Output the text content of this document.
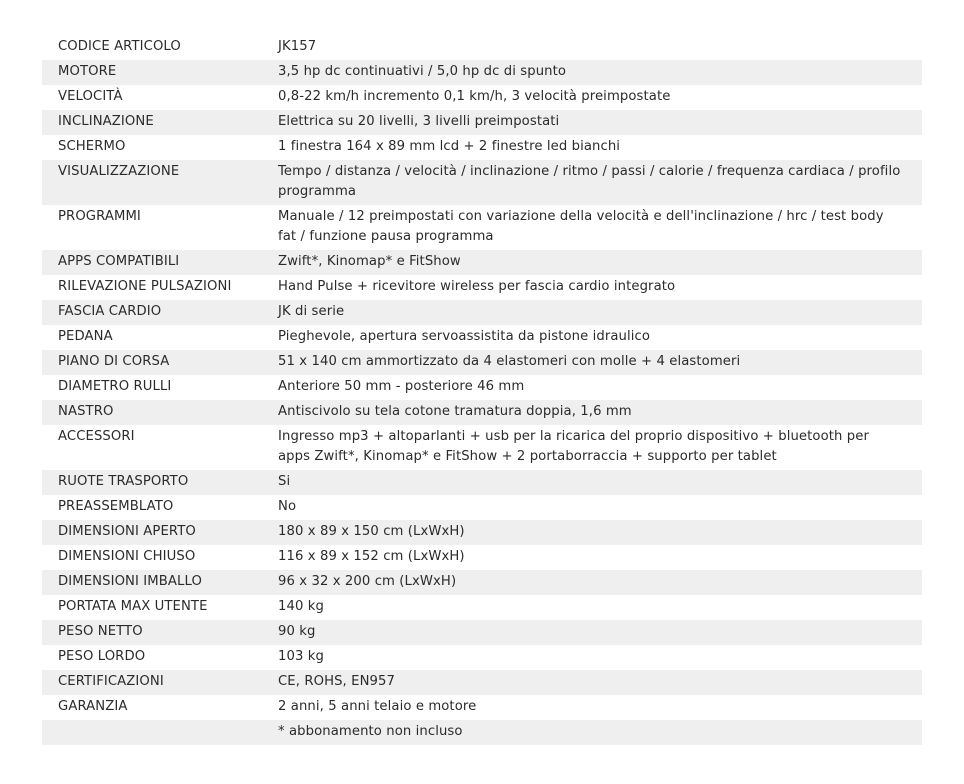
CODICE ARTICOLO	JK157
MOTORE	3,5 hp dc continuativi / 5,0 hp dc di spunto
VELOCITÀ	0,8-22 km/h incremento 0,1 km/h, 3 velocità preimpostate
INCLINAZIONE	Elettrica su 20 livelli, 3 livelli preimpostati
SCHERMO	1 finestra 164 x 89 mm lcd + 2 finestre led bianchi
VISUALIZZAZIONE	Tempo / distanza / velocità / inclinazione / ritmo / passi / calorie / frequenza cardiaca / profilo programma
PROGRAMMI	Manuale / 12 preimpostati con variazione della velocità e dell'inclinazione / hrc / test body fat / funzione pausa programma
APPS COMPATIBILI	Zwift*, Kinomap* e FitShow
RILEVAZIONE PULSAZIONI	Hand Pulse + ricevitore wireless per fascia cardio integrato
FASCIA CARDIO	JK di serie
PEDANA	Pieghevole, apertura servoassistita da pistone idraulico
PIANO DI CORSA	51 x 140 cm ammortizzato da 4 elastomeri con molle + 4 elastomeri
DIAMETRO RULLI	Anteriore 50 mm - posteriore 46 mm
NASTRO	Antiscivolo su tela cotone tramatura doppia, 1,6 mm
ACCESSORI	Ingresso mp3 + altoparlanti + usb per la ricarica del proprio dispositivo + bluetooth per apps Zwift*, Kinomap* e FitShow + 2 portaborraccia + supporto per tablet
RUOTE TRASPORTO	Si
PREASSEMBLATO	No
DIMENSIONI APERTO	180 x 89 x 150 cm (LxWxH)
DIMENSIONI CHIUSO	116 x 89 x 152 cm (LxWxH)
DIMENSIONI IMBALLO	96 x 32 x 200 cm (LxWxH)
PORTATA MAX UTENTE	140 kg
PESO NETTO	90 kg
PESO LORDO	103 kg
CERTIFICAZIONI	CE, ROHS, EN957
GARANZIA	2 anni, 5 anni telaio e motore
	* abbonamento non incluso
